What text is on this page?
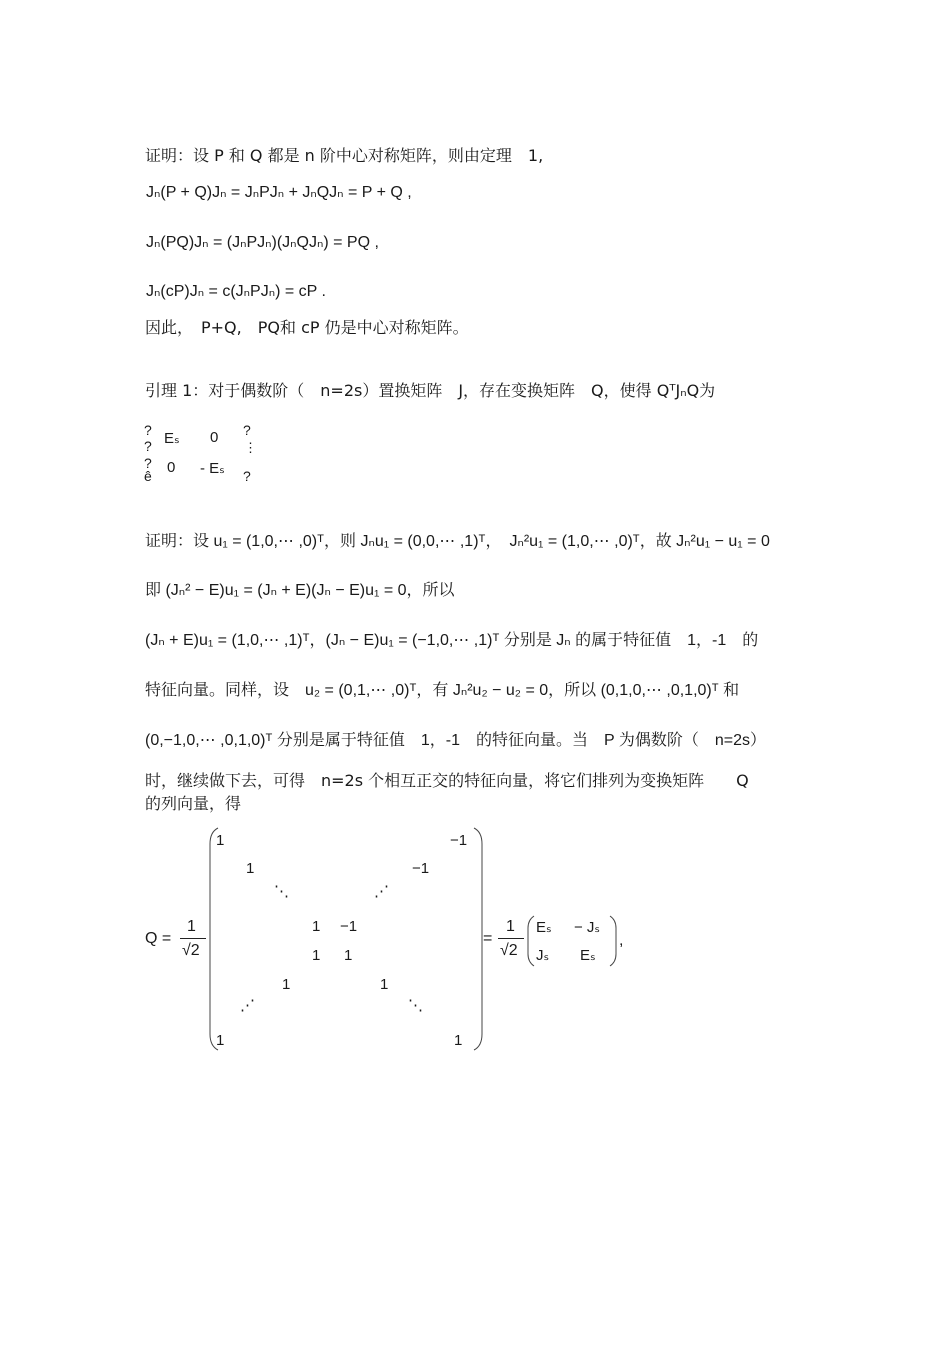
证明：设 P 和 Q 都是 n 阶中心对称矩阵，则由定理　1,
Jₙ(P + Q)Jₙ = JₙPJₙ + JₙQJₙ = P + Q ,
Jₙ(PQ)Jₙ = (JₙPJₙ)(JₙQJₙ) = PQ ,
Jₙ(cP)Jₙ = c(JₙPJₙ) = cP .
因此，　P+Q,　PQ和 cP 仍是中心对称矩阵。
引理 1：对于偶数阶（　n=2s）置换矩阵　J，存在变换矩阵　Q，使得 QᵀJₙQ为
?
?
?
ê
Eₛ 0
0 - Eₛ
?
⋮
?
证明：设 u₁ = (1,0,⋯ ,0)ᵀ，则 Jₙu₁ = (0,0,⋯ ,1)ᵀ，　Jₙ²u₁ = (1,0,⋯ ,0)ᵀ，故 Jₙ²u₁ − u₁ = 0
即 (Jₙ² − E)u₁ = (Jₙ + E)(Jₙ − E)u₁ = 0，所以
(Jₙ + E)u₁ = (1,0,⋯ ,1)ᵀ，(Jₙ − E)u₁ = (−1,0,⋯ ,1)ᵀ 分别是 Jₙ 的属于特征值　1，-1　的
特征向量。同样，设　u₂ = (0,1,⋯ ,0)ᵀ，有 Jₙ²u₂ − u₂ = 0，所以 (0,1,0,⋯ ,0,1,0)ᵀ 和
(0,−1,0,⋯ ,0,1,0)ᵀ 分别是属于特征值　1，-1　的特征向量。当　P 为偶数阶（　n=2s）
时，继续做下去，可得　n=2s 个相互正交的特征向量，将它们排列为变换矩阵　　Q
的列向量，得
Q =
1
√2
1	−1
1	−1
⋱	⋰
1 −1
1 1
1	1
⋰	⋱
1	1
=
1
√2
Eₛ − Jₛ
Jₛ Eₛ
,
